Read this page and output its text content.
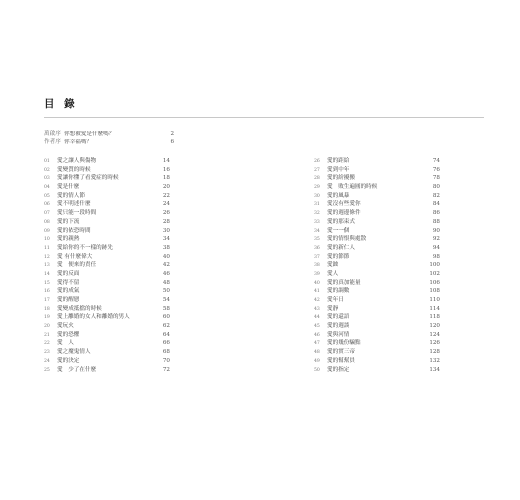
目 錄
萬啟序 你想被愛是什麼嗎？	2
作者序 你幸福嗎？	6
01	愛之讓人與傷物	14
02	愛變質的時候	16
03	愛讓你懂了看愛症的時候	18
04	愛是什麼	20
05	愛的情人節	22
06	愛不明述什麼	24
07	愛只能一段時間	26
08	愛的下流	28
09	愛的依恐時間	30
10	愛的親熱	34
11	愛給你的不一樣的跡先	38
12	愛 有什麼偉大	40
13	愛　便來的責任	42
14	愛的反面	46
15	愛得不留	48
16	愛的成氣	50
17	愛的醒戀	54
18	愛變成抵擋的時候	58
19	愛上離婚的女人和離婚的男人	60
20	愛玩火	62
21	愛的恐懼	64
22	愛　人	66
23	愛之魔鬼情人	68
24	愛的決定	70
25	愛　少了在什麼	72
26	愛的距給	74
27	愛到中年	76
28	愛的紛擾搬	78
29	愛　敗生遍圓的時候	80
30	愛的風暴	82
31	愛沒有些愛你	84
32	愛的週邊條件	86
33	愛的那束式	88
34	愛一一個	90
35	愛的情恨與處散	92
36	愛的新仁人	94
37	愛的節節	98
38	愛蝕	100
39	愛人	102
40	愛的真加能量	106
41	愛的調數	108
42	愛年日	110
43	愛靜	114
44	愛的還語	118
45	愛的週談	120
46	愛與河情	124
47	愛的幾份騙點	126
48	愛的實三帝	128
49	愛的幫幫員	132
50	愛的指定	134
